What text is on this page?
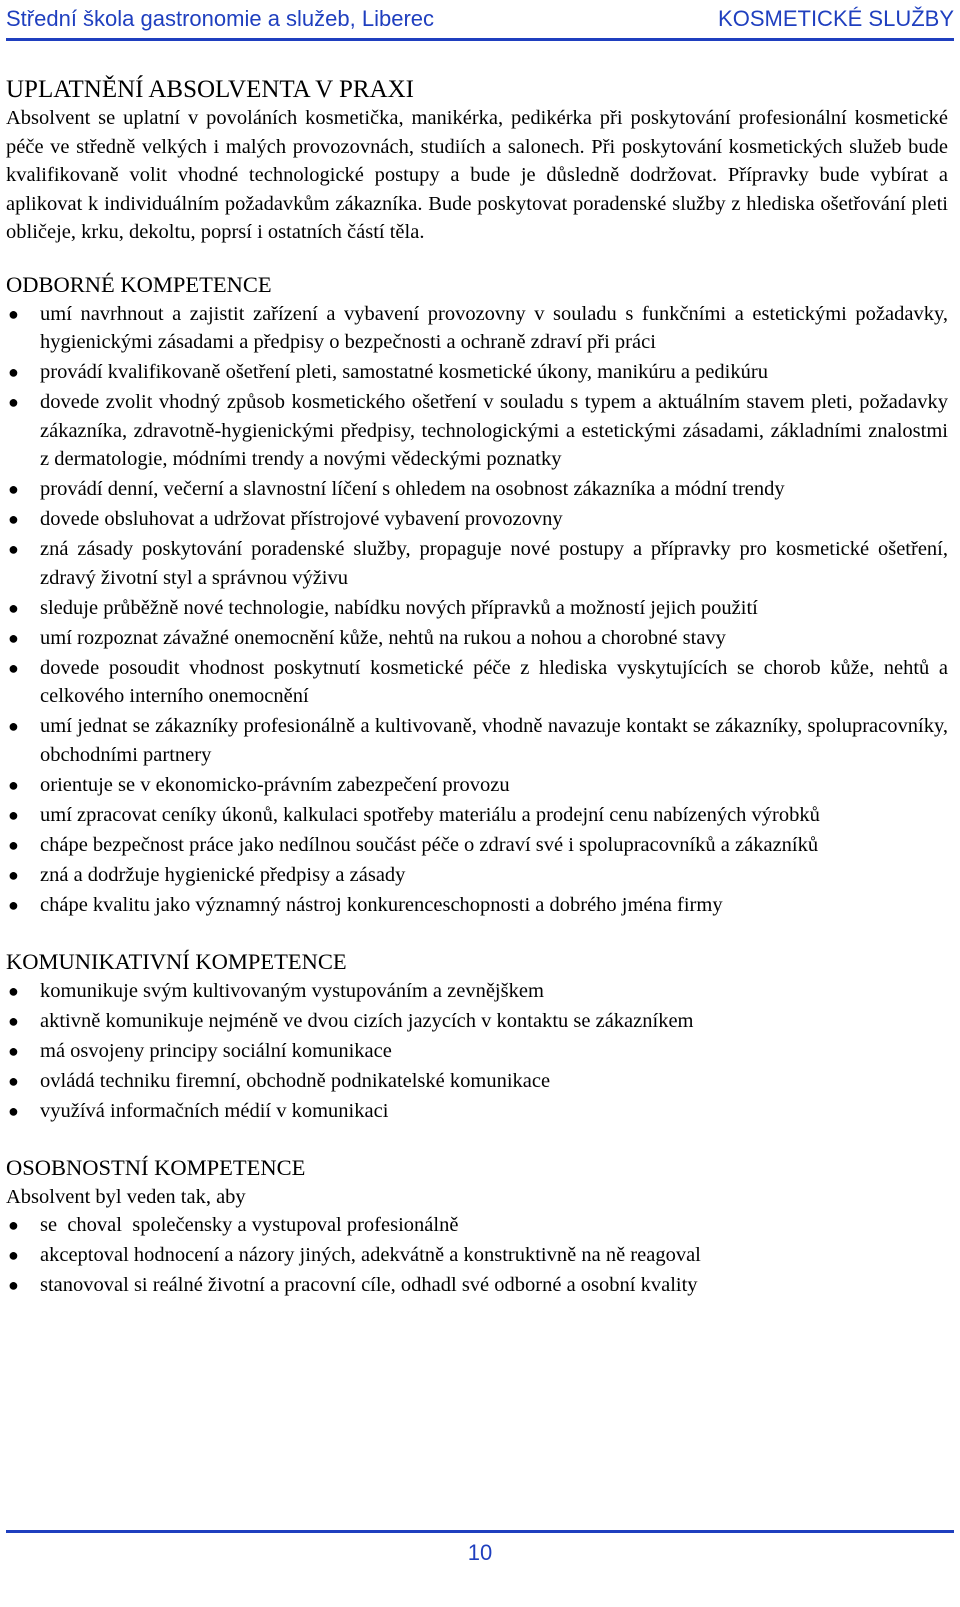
Střední škola gastronomie a služeb, Liberec	KOSMETICKÉ SLUŽBY
UPLATNĚNÍ ABSOLVENTA V PRAXI

Absolvent se uplatní v povoláních kosmetička, manikérka, pedikérka při poskytování profesionální kosmetické péče ve středně velkých i malých provozovnách, studiích a salonech. Při poskytování kosmetických služeb bude kvalifikovaně volit vhodné technologické postupy a bude je důsledně dodržovat. Přípravky bude vybírat a aplikovat k individuálním požadavkům zákazníka. Bude poskytovat poradenské služby z hlediska ošetřování pleti obličeje, krku, dekoltu, poprsí i ostatních částí těla.

ODBORNÉ KOMPETENCE
● umí navrhnout a zajistit zařízení a vybavení provozovny v souladu s funkčními a estetickými požadavky, hygienickými zásadami a předpisy o bezpečnosti a ochraně zdraví při práci
● provádí kvalifikovaně ošetření pleti, samostatné kosmetické úkony, manikúru a pedikúru
● dovede zvolit vhodný způsob kosmetického ošetření v souladu s typem a aktuálním stavem pleti, požadavky zákazníka, zdravotně-hygienickými předpisy, technologickými a estetickými zásadami, základními znalostmi z dermatologie, módními trendy a novými vědeckými poznatky
● provádí denní, večerní a slavnostní líčení s ohledem na osobnost zákazníka a módní trendy
● dovede obsluhovat a udržovat přístrojové vybavení provozovny
● zná zásady poskytování poradenské služby, propaguje nové postupy a přípravky pro kosmetické ošetření, zdravý životní styl a správnou výživu
● sleduje průběžně nové technologie, nabídku nových přípravků a možností jejich použití
● umí rozpoznat závažné onemocnění kůže, nehtů na rukou a nohou a chorobné stavy
● dovede posoudit vhodnost poskytnutí kosmetické péče z hlediska vyskytujících se chorob kůže, nehtů a celkového interního onemocnění
● umí jednat se zákazníky profesionálně a kultivovaně, vhodně navazuje kontakt se zákazníky, spolupracovníky, obchodními partnery
● orientuje se v ekonomicko-právním zabezpečení provozu
● umí zpracovat ceníky úkonů, kalkulaci spotřeby materiálu a prodejní cenu nabízených výrobků
● chápe bezpečnost práce jako nedílnou součást péče o zdraví své i spolupracovníků a zákazníků
● zná a dodržuje hygienické předpisy a zásady
● chápe kvalitu jako významný nástroj konkurenceschopnosti a dobrého jména firmy
KOMUNIKATIVNÍ KOMPETENCE
● komunikuje svým kultivovaným vystupováním a zevnějškem
● aktivně komunikuje nejméně ve dvou cizích jazycích v kontaktu se zákazníkem
● má osvojeny principy sociální komunikace
● ovládá techniku firemní, obchodně podnikatelské komunikace
● využívá informačních médií v komunikaci
OSOBNOSTNÍ KOMPETENCE

Absolvent byl veden tak, aby

● se  choval  společensky a vystupoval profesionálně
● akceptoval hodnocení a názory jiných, adekvátně a konstruktivně na ně reagoval
● stanovoval si reálné životní a pracovní cíle, odhadl své odborné a osobní kvality
10
